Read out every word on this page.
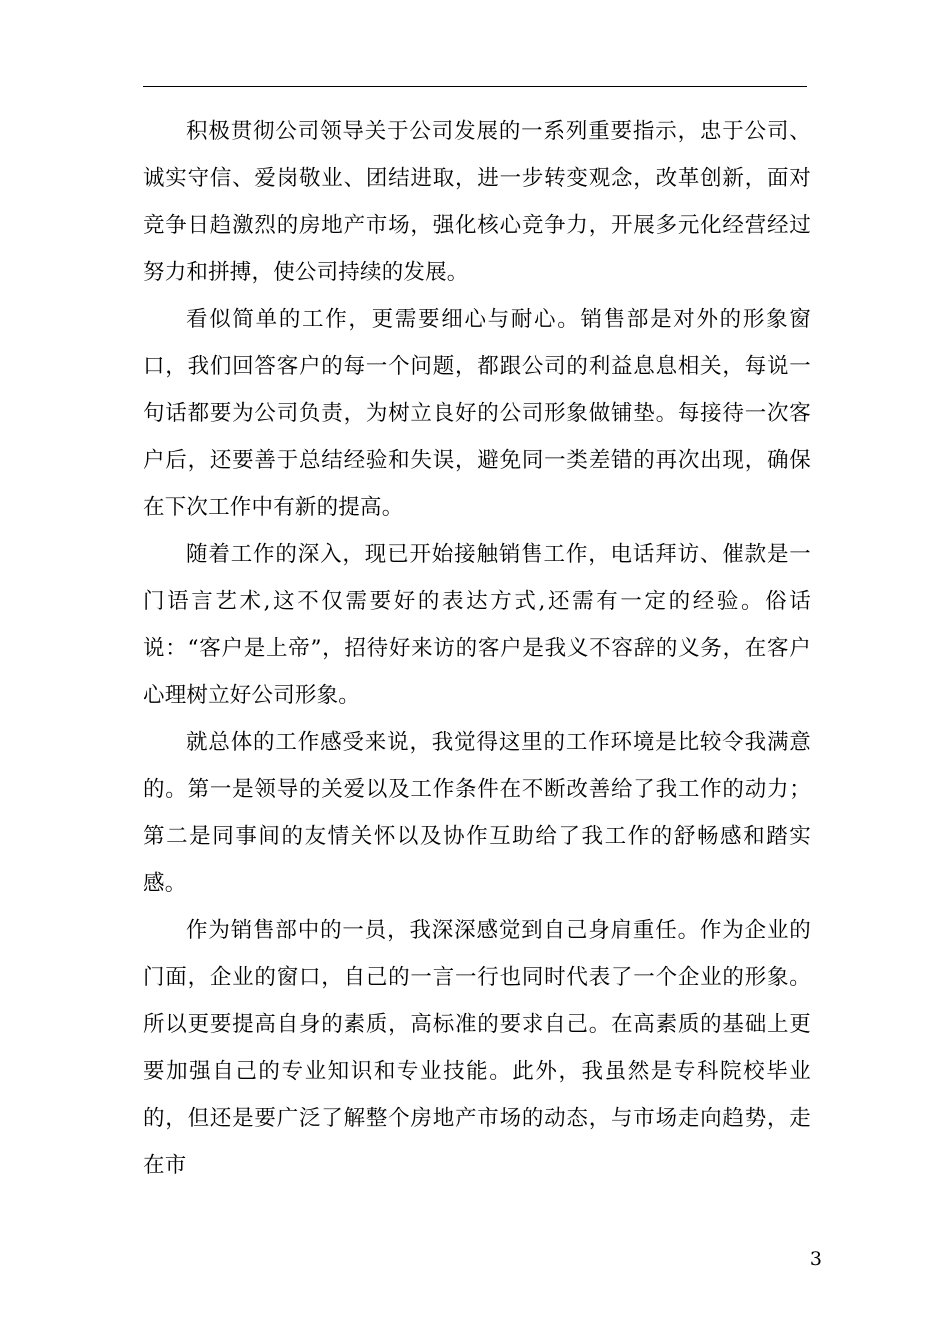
积极贯彻公司领导关于公司发展的一系列重要指示，忠于公司、诚实守信、爱岗敬业、团结进取，进一步转变观念，改革创新，面对竞争日趋激烈的房地产市场，强化核心竞争力，开展多元化经营经过努力和拼搏，使公司持续的发展。

看似简单的工作，更需要细心与耐心。销售部是对外的形象窗口，我们回答客户的每一个问题，都跟公司的利益息息相关，每说一句话都要为公司负责，为树立良好的公司形象做铺垫。每接待一次客户后，还要善于总结经验和失误，避免同一类差错的再次出现，确保在下次工作中有新的提高。

随着工作的深入，现已开始接触销售工作，电话拜访、催款是一门语言艺术,这不仅需要好的表达方式,还需有一定的经验。俗话说：“客户是上帝”，招待好来访的客户是我义不容辞的义务，在客户心理树立好公司形象。

就总体的工作感受来说，我觉得这里的工作环境是比较令我满意的。第一是领导的关爱以及工作条件在不断改善给了我工作的动力；第二是同事间的友情关怀以及协作互助给了我工作的舒畅感和踏实感。

作为销售部中的一员，我深深感觉到自己身肩重任。作为企业的门面，企业的窗口，自己的一言一行也同时代表了一个企业的形象。所以更要提高自身的素质，高标准的要求自己。在高素质的基础上更要加强自己的专业知识和专业技能。此外，我虽然是专科院校毕业的，但还是要广泛了解整个房地产市场的动态，与市场走向趋势，走在市

3
